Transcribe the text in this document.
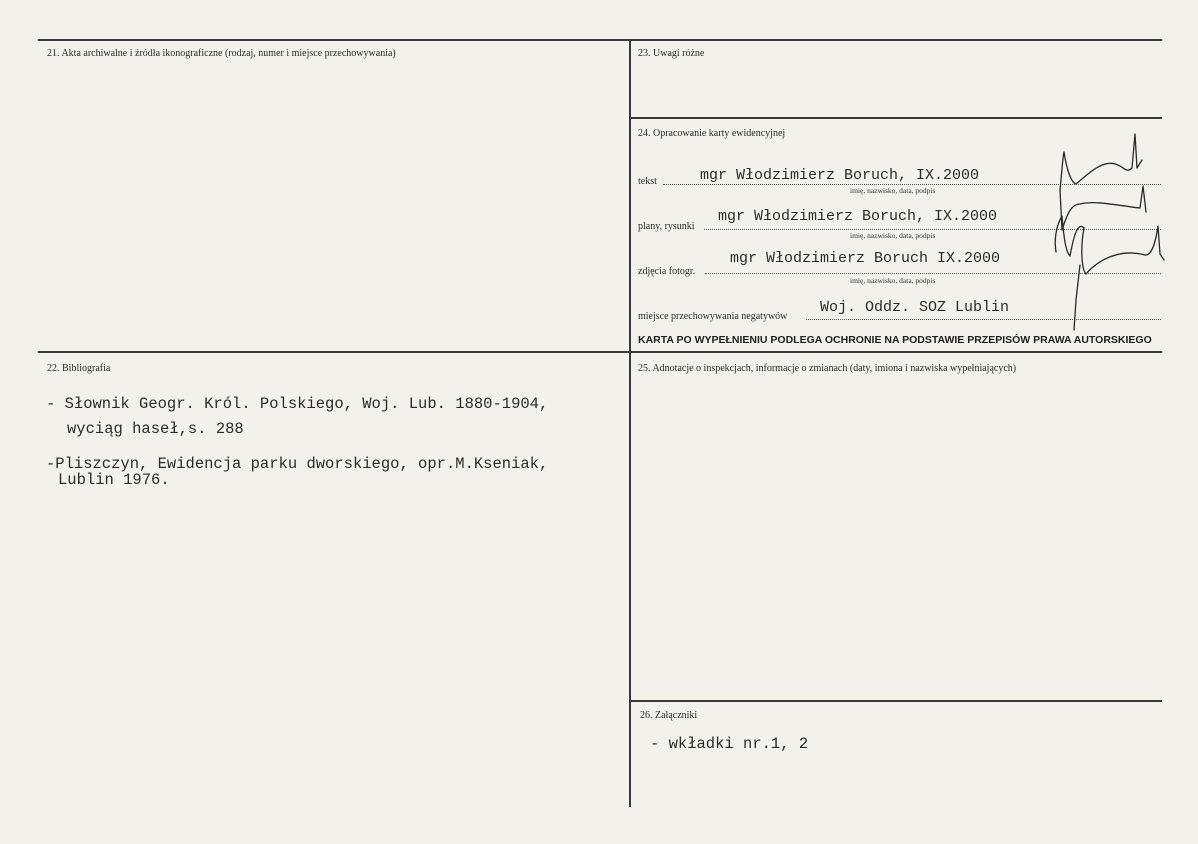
21. Akta archiwalne i źródła ikonograficzne (rodzaj, numer i miejsce przechowywania)	23. Uwagi różne
24. Opracowanie karty ewidencyjnej
tekst	mgr Włodzimierz Boruch, IX.2000
imię, nazwisko, data, podpis
plany, rysunki
mgr Włodzimierz Boruch, IX.2000
imię, nazwisko, data, podpis
zdjęcia fotogr.
mgr Włodzimierz Boruch IX.2000
imię, nazwisko, data, podpis
miejsce przechowywania negatywów
Woj. Oddz. SOZ Lublin
KARTA PO WYPEŁNIENIU PODLEGA OCHRONIE NA PODSTAWIE PRZEPISÓW PRAWA AUTORSKIEGO
22. Bibliografia
- Słownik Geogr. Król. Polskiego, Woj. Lub. 1880-1904,
wyciąg haseł,s. 288
-Pliszczyn, Ewidencja parku dworskiego, opr.M.Kseniak,
Lublin 1976.
25. Adnotacje o inspekcjach, informacje o zmianach (daty, imiona i nazwiska wypełniających)
26. Załączniki
- wkładki nr.1, 2
